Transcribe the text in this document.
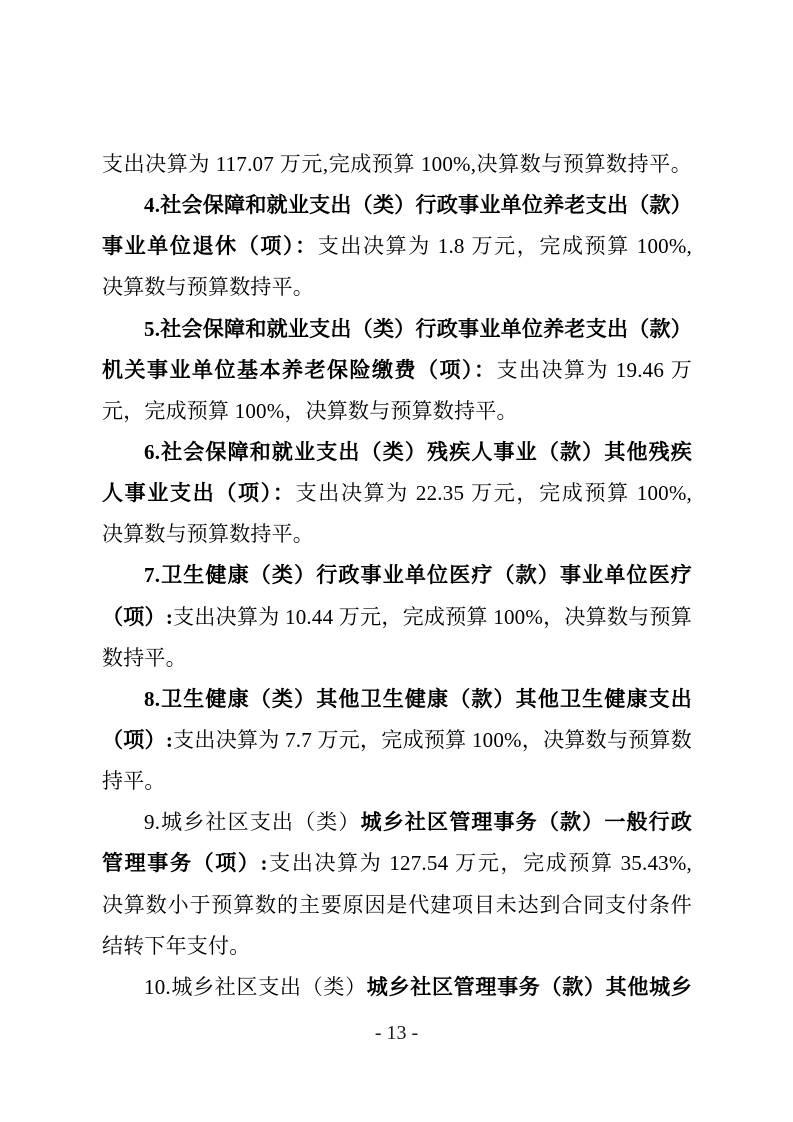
支出决算为 117.07 万元,完成预算 100%,决算数与预算数持平。
4.社会保障和就业支出（类）行政事业单位养老支出（款）
事业单位退休（项）：支出决算为 1.8 万元，完成预算 100%,
决算数与预算数持平。
5.社会保障和就业支出（类）行政事业单位养老支出（款）
机关事业单位基本养老保险缴费（项）：支出决算为 19.46 万
元，完成预算 100%，决算数与预算数持平。
6.社会保障和就业支出（类）残疾人事业（款）其他残疾
人事业支出（项）：支出决算为 22.35 万元，完成预算 100%,
决算数与预算数持平。
7.卫生健康（类）行政事业单位医疗（款）事业单位医疗
（项）:支出决算为 10.44 万元，完成预算 100%，决算数与预算
数持平。
8.卫生健康（类）其他卫生健康（款）其他卫生健康支出
（项）:支出决算为 7.7 万元，完成预算 100%，决算数与预算数
持平。
9.城乡社区支出（类）城乡社区管理事务（款）一般行政
管理事务（项）:支出决算为 127.54 万元，完成预算 35.43%,
决算数小于预算数的主要原因是代建项目未达到合同支付条件
结转下年支付。
10.城乡社区支出（类）城乡社区管理事务（款）其他城乡
- 13 -
